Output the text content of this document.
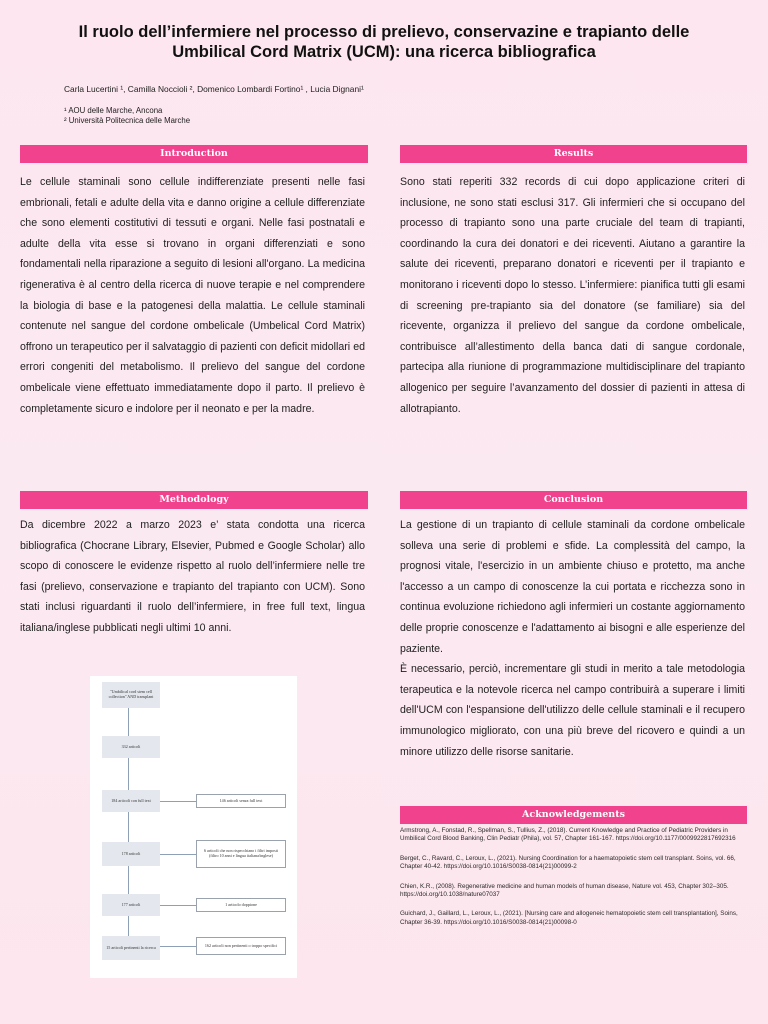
Il ruolo dell’infermiere nel processo di prelievo, conservazine e trapianto delle
Umbilical Cord Matrix (UCM): una ricerca bibliografica
Carla Lucertini ¹, Camilla Noccioli ², Domenico Lombardi Fortino¹ , Lucia Dignani¹
¹ AOU delle Marche, Ancona
² Università Politecnica delle Marche
Introduction

Le cellule staminali sono cellule indifferenziate presenti nelle fasi embrionali, fetali e adulte della vita e danno origine a cellule differenziate che sono elementi costitutivi di tessuti e organi. Nelle fasi postnatali e adulte della vita esse si trovano in organi differenziati e sono fondamentali nella riparazione a seguito di lesioni all'organo. La medicina rigenerativa è al centro della ricerca di nuove terapie e nel comprendere la biologia di base e la patogenesi della malattia. Le cellule staminali contenute nel sangue del cordone ombelicale (Umbelical Cord Matrix) offrono un terapeutico per il salvataggio di pazienti con deficit midollari ed errori congeniti del metabolismo. Il prelievo del sangue del cordone ombelicale viene effettuato immediatamente dopo il parto. Il prelievo è completamente sicuro e indolore per il neonato e per la madre.

Results

Sono stati reperiti 332 records di cui dopo applicazione criteri di inclusione, ne sono stati esclusi 317. Gli infermieri che si occupano del processo di trapianto sono una parte cruciale del team di trapianti, coordinando la cura dei donatori e dei riceventi. Aiutano a garantire la salute dei riceventi, preparano donatori e riceventi per il trapianto e monitorano i riceventi dopo lo stesso. L’infermiere: pianifica tutti gli esami di screening pre-trapianto sia del donatore (se familiare) sia del ricevente, organizza il prelievo del sangue da cordone ombelicale, contribuisce all’allestimento della banca dati di sangue cordonale, partecipa alla riunione di programmazione multidisciplinare del trapianto allogenico per seguire l’avanzamento del dossier di pazienti in attesa di allotrapianto.

Methodology

Da dicembre 2022 a marzo 2023 e’ stata condotta una ricerca bibliografica (Chocrane Library, Elsevier, Pubmed e Google Scholar) allo scopo di conoscere le evidenze rispetto al ruolo dell’infermiere nelle tre fasi (prelievo, conservazione e trapianto del trapianto con UCM). Sono stati inclusi riguardanti il ruolo dell’infermiere, in free full text, lingua italiana/inglese pubblicati negli ultimi 10 anni.

"Umbilical cord stem cell collection" AND transplant
332 articoli
184 articoli con full text
178 articoli
177 articoli
15 articoli pertinenti la ricerca
146 articoli senza full text
6 articoli che non rispecchiano i filtri imposti (filtro 10 anni e lingua italiana/inglese)
1 articolo doppione
162 articoli non pertinenti o troppo specifici
Conclusion

La gestione di un trapianto di cellule staminali da cordone ombelicale solleva una serie di problemi e sfide. La complessità del campo, la prognosi vitale, l'esercizio in un ambiente chiuso e protetto, ma anche l'accesso a un campo di conoscenze la cui portata e ricchezza sono in continua evoluzione richiedono agli infermieri un costante aggiornamento delle proprie conoscenze e l'adattamento ai bisogni e alle esperienze del paziente.

È necessario, perciò, incrementare gli studi in merito a tale metodologia terapeutica e la notevole ricerca nel campo contribuirà a superare i limiti dell'UCM con l'espansione dell'utilizzo delle cellule staminali e il recupero immunologico migliorato, con una più breve del ricovero e quindi a un minore utilizzo delle risorse sanitarie.

Acknowledgements

Armstrong, A., Fonstad, R., Spellman, S., Tullius, Z., (2018). Current Knowledge and Practice of Pediatric Providers in Umbilical Cord Blood Banking, Clin Pediatr (Phila), vol. 57, Chapter 161-167. https://doi.org/10.1177/0009922817692316

Berget, C., Ravard, C., Leroux, L., (2021). Nursing Coordination for a haematopoietic stem cell transplant. Soins, vol. 66, Chapter 40-42. https://doi.org/10.1016/S0038-0814(21)00099-2

Chien, K.R., (2008). Regenerative medicine and human models of human disease, Nature vol. 453, Chapter 302–305. https://doi.org/10.1038/nature07037

Guichard, J., Gaillard, L., Leroux, L., (2021). [Nursing care and allogeneic hematopoietic stem cell transplantation], Soins, Chapter 36-39. https://doi.org/10.1016/S0038-0814(21)00098-0
